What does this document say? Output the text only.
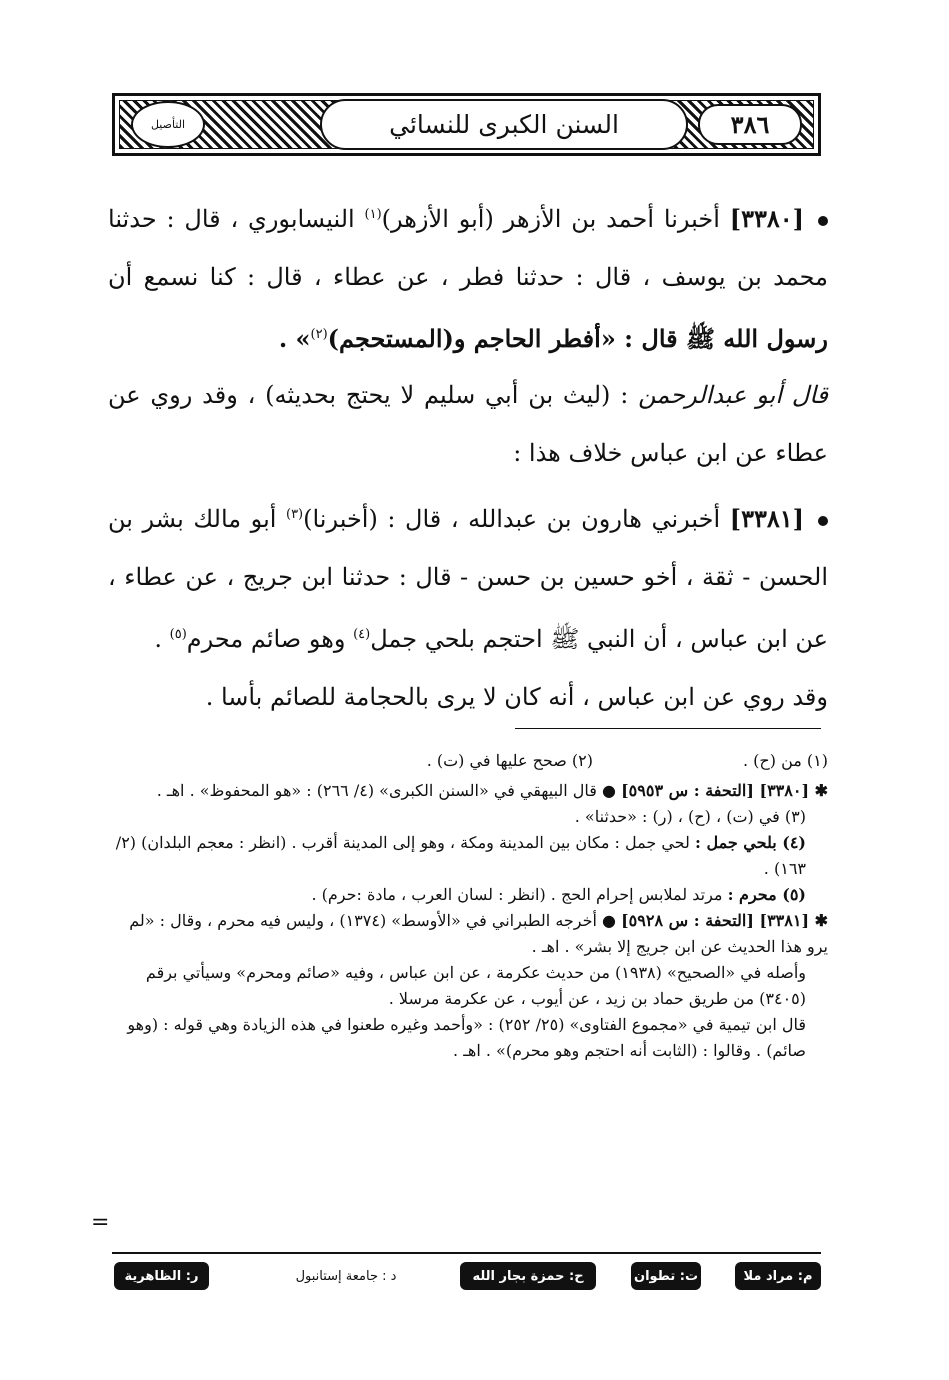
التأصيل	السنن الكبرى للنسائي	٣٨٦
[٣٣٨٠] أخبرنا أحمد بن الأزهر (أبو الأزهر)$^{(١)}$ النيسابوري ، قال : حدثنا محمد بن يوسف ، قال : حدثنا فطر ، عن عطاء ، قال : كنا نسمع أن رسول الله ﷺ قال : «أفطر الحاجم و(المستحجم)$^{(٢)}$» .
قال أبو عبدالرحمن : (ليث بن أبي سليم لا يحتج بحديثه) ، وقد روي عن عطاء عن ابن عباس خلاف هذا :
[٣٣٨١] أخبرني هارون بن عبدالله ، قال : (أخبرنا)$^{(٣)}$ أبو مالك بشر بن الحسن - ثقة ، أخو حسين بن حسن - قال : حدثنا ابن جريج ، عن عطاء ، عن ابن عباس ، أن النبي ﷺ احتجم بلحي جمل$^{(٤)}$ وهو صائم محرم$^{(٥)}$ .
وقد روي عن ابن عباس ، أنه كان لا يرى بالحجامة للصائم بأسا .
(١) من (ح) .
(٢) صحح عليها في (ت) .
✱ [٣٣٨٠] [التحفة : س ٥٩٥٣] ● قال البيهقي في «السنن الكبرى» (٤/ ٢٦٦) : «هو المحفوظ» . اهـ .
(٣) في (ت) ، (ح) ، (ر) : «حدثنا» .
(٤) بلحي جمل : لحي جمل : مكان بين المدينة ومكة ، وهو إلى المدينة أقرب . (انظر : معجم البلدان) (٢/ ١٦٣) .
(٥) محرم : مرتد لملابس إحرام الحج . (انظر : لسان العرب ، مادة :حرم) .
✱ [٣٣٨١] [التحفة : س ٥٩٢٨] ● أخرجه الطبراني في «الأوسط» (١٣٧٤) ، وليس فيه محرم ، وقال : «لم يرو هذا الحديث عن ابن جريج إلا بشر» . اهـ .
وأصله في «الصحيح» (١٩٣٨) من حديث عكرمة ، عن ابن عباس ، وفيه «صائم ومحرم» وسيأتي برقم (٣٤٠٥) من طريق حماد بن زيد ، عن أيوب ، عن عكرمة مرسلا .
قال ابن تيمية في «مجموع الفتاوى» (٢٥/ ٢٥٢) : «وأحمد وغيره طعنوا في هذه الزيادة وهي قوله : (وهو صائم) . وقالوا : (الثابت أنه احتجم وهو محرم)» . اهـ .
=
م: مراد ملا
ت: تطوان
ح: حمزة بجار الله
د : جامعة إستانبول
ر: الظاهرية
